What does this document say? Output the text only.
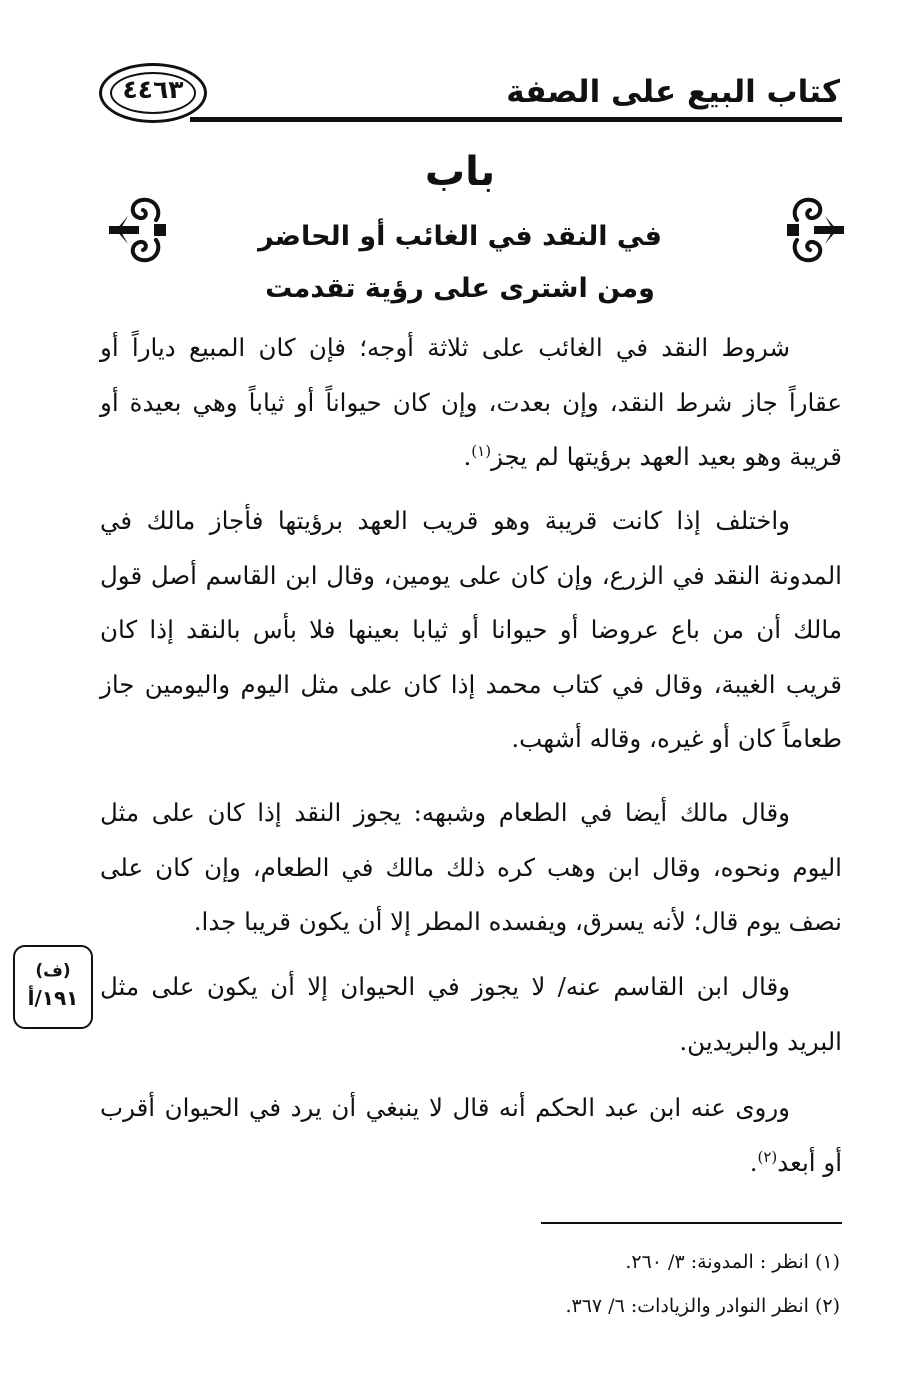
كتاب البيع على الصفة
٤٤٦٣
باب
في النقد في الغائب أو الحاضر
ومن اشترى على رؤية تقدمت

شروط النقد في الغائب على ثلاثة أوجه؛ فإن كان المبيع دياراً أو عقاراً جاز شرط النقد، وإن بعدت، وإن كان حيواناً أو ثياباً وهي بعيدة أو قريبة وهو بعيد العهد برؤيتها لم يجز$^{(١)}$.

واختلف إذا كانت قريبة وهو قريب العهد برؤيتها فأجاز مالك في المدونة النقد في الزرع، وإن كان على يومين، وقال ابن القاسم أصل قول مالك أن من باع عروضا أو حيوانا أو ثيابا بعينها فلا بأس بالنقد إذا كان قريب الغيبة، وقال في كتاب محمد إذا كان على مثل اليوم واليومين جاز طعاماً كان أو غيره، وقاله أشهب.

وقال مالك أيضا في الطعام وشبهه: يجوز النقد إذا كان على مثل اليوم ونحوه، وقال ابن وهب كره ذلك مالك في الطعام، وإن كان على نصف يوم قال؛ لأنه يسرق، ويفسده المطر إلا أن يكون قريبا جدا.

وقال ابن القاسم عنه/ لا يجوز في الحيوان إلا أن يكون على مثل البريد والبريدين.

وروى عنه ابن عبد الحكم أنه قال لا ينبغي أن يرد في الحيوان أقرب أو أبعد$^{(٢)}$.

(ف)
١٩١/أ
(١) انظر : المدونة: ٣/ ٢٦٠.
(٢) انظر النوادر والزيادات: ٦/ ٣٦٧.
